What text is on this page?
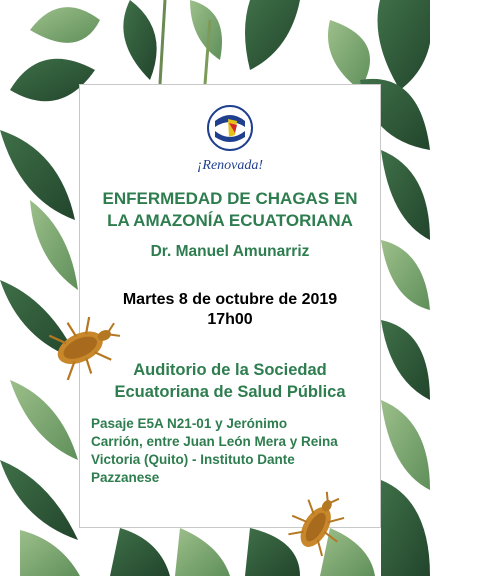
¡Renovada!
ENFERMEDAD DE CHAGAS EN
LA AMAZONÍA ECUATORIANA
Dr. Manuel Amunarriz
Martes 8 de octubre de 2019
17h00
Auditorio de la Sociedad
Ecuatoriana de Salud Pública
Pasaje E5A N21-01 y Jerónimo
Carrión, entre Juan León Mera y Reina
Victoria (Quito) - Instituto Dante
Pazzanese
